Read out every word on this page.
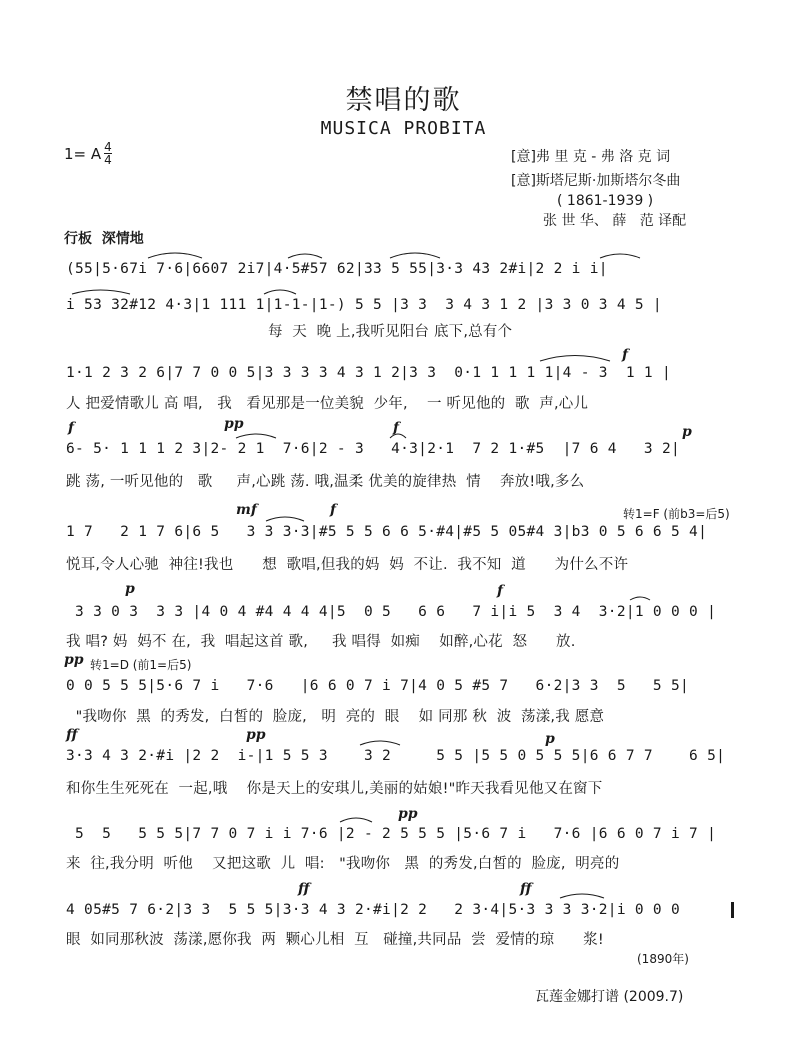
禁唱的歌
MUSICA PROBITA
1= A 4
4	[意]弗 里 克 - 弗 洛 克 词
[意]斯塔尼斯·加斯塔尔冬曲
( 1861-1939 )
张 世 华、 薛   范 译配
行板  深情地
(55|5·67i 7·6|6607 2i7|4·5#57 62|33 5 55|3·3 43 2#i|2 2 i i|
i 53 32#12 4·3|1 111 1|1-1-|1-) 5 5 |3 3  3 4 3 1 2 |3 3 0 3 4 5 |
每  天  晚 上,我听见阳台 底下,总有个
f
1·1 2 3 2 6|7 7 0 0 5|3 3 3 3 4 3 1 2|3 3  0·1 1 1 1 1|4 - 3  1 1 |
人 把爱情歌儿 高 唱,   我   看见那是一位美貌  少年,    一 听见他的  歌  声,心儿
f	pp	f	p
6- 5· 1 1 1 2 3|2- 2 1  7·6|2 - 3   4·3|2·1  7 2 1·#5  |7 6 4   3 2|
跳 荡, 一听见他的   歌     声,心跳 荡. 哦,温柔 优美的旋律热  情    奔放!哦,多么
mf	f	转1=F (前b3=后5)
1 7   2 1 7 6|6 5   3 3 3·3|#5 5 5 6 6 5·#4|#5 5 05#4 3|b3 0 5 6 6 5 4|
悦耳,令人心驰  神往!我也      想  歌唱,但我的妈  妈  不让.  我不知  道      为什么不许
p	f
3 3 0 3  3 3 |4 0 4 #4 4 4 4|5  0 5   6 6   7 i|i 5  3 4  3·2|1 0 0 0 |
我 唱? 妈  妈不 在,  我  唱起这首 歌,     我 唱得  如痴    如醉,心花  怒      放.
pp 转1=D (前1=后5)
0 0 5 5 5|5·6 7 i   7·6   |6 6 0 7 i 7|4 0 5 #5 7   6·2|3 3  5   5 5|
"我吻你  黑  的秀发,  白皙的  脸庞,   明  亮的  眼    如 同那 秋  波  荡漾,我 愿意
ff	pp	p
3·3 4 3 2·#i |2 2  i-|1 5 5 3    3 2     5 5 |5 5 0 5 5 5|6 6 7 7    6 5|
和你生生死死在  一起,哦    你是天上的安琪儿,美丽的姑娘!"昨天我看见他又在窗下
pp
5  5   5 5 5|7 7 0 7 i i 7·6 |2 - 2 5 5 5 |5·6 7 i   7·6 |6 6 0 7 i 7 |
来  往,我分明  听他    又把这歌  儿  唱:   "我吻你   黑  的秀发,白皙的  脸庞,  明亮的
ff	ff
4 05#5 7 6·2|3 3  5 5 5|3·3 4 3 2·#i|2 2   2 3·4|5·3 3 3 3·2|i 0 0 0
眼  如同那秋波  荡漾,愿你我  两  颗心儿相  互   碰撞,共同品  尝  爱情的琼      浆!
(1890年)
瓦莲金娜打谱 (2009.7)
